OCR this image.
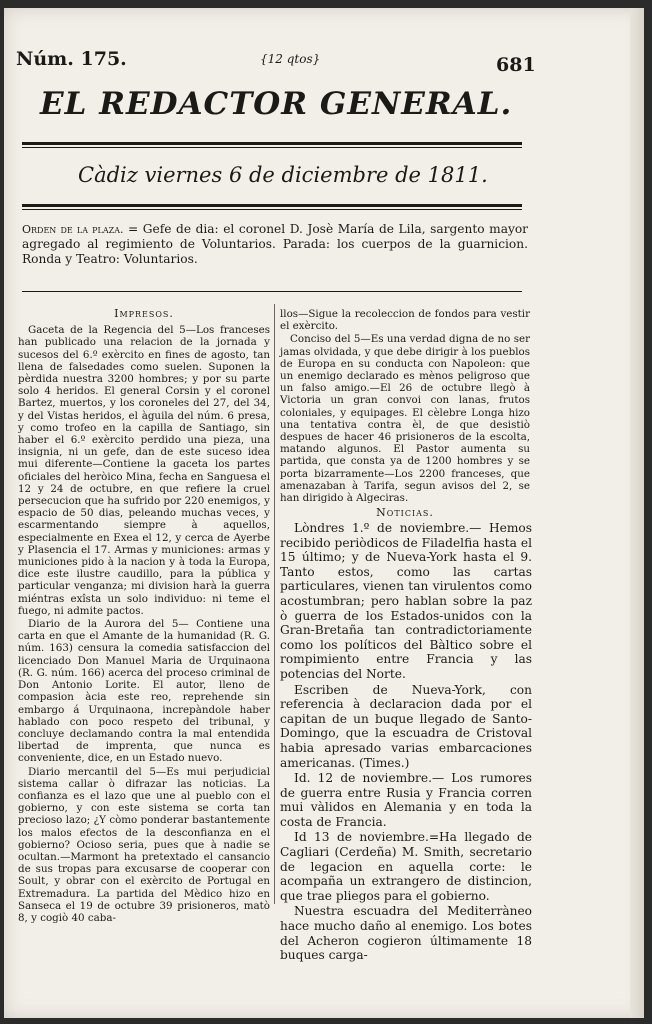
Núm. 175.	{12 qtos}	681
EL REDACTOR GENERAL.
Càdiz viernes 6 de diciembre de 1811.
Orden de la plaza. = Gefe de dia: el coronel D. Josè María de Lila, sargento mayor agregado al regimiento de Voluntarios. Parada: los cuerpos de la guarnicion. Ronda y Teatro: Voluntarios.
Impresos.

Gaceta de la Regencia del 5—Los franceses han publicado una relacion de la jornada y sucesos del 6.º exèrcito en fines de agosto, tan llena de falsedades como suelen. Suponen la pèrdida nuestra 3200 hombres; y por su parte solo 4 heridos. El general Corsin y el coronel Bartez, muertos, y los coroneles del 27, del 34, y del Vistas heridos, el àguila del núm. 6 presa, y como trofeo en la capilla de Santiago, sin haber el 6.º exèrcito perdido una pieza, una insignia, ni un gefe, dan de este suceso idea mui diferente—Contiene la gaceta los partes oficiales del heròico Mina, fecha en Sanguesa el 12 y 24 de octubre, en que refiere la cruel persecucion que ha sufrido por 220 enemigos, y espacio de 50 dias, peleando muchas veces, y escarmentando siempre à aquellos, especialmente en Exea el 12, y cerca de Ayerbe y Plasencia el 17. Armas y municiones: armas y municiones pido à la nacion y à toda la Europa, dice este ilustre caudillo, para la pública y particular venganza; mi division harà la guerra miéntras exîsta un solo individuo: ni teme el fuego, ni admite pactos.

Diario de la Aurora del 5— Contiene una carta en que el Amante de la humanidad (R. G. núm. 163) censura la comedia satisfaccion del licenciado Don Manuel Maria de Urquinaona (R. G. núm. 166) acerca del proceso criminal de Don Antonio Lorite. El autor, lleno de compasion àcia este reo, reprehende sin embargo á Urquinaona, increpàndole haber hablado con poco respeto del tribunal, y concluye declamando contra la mal entendida libertad de imprenta, que nunca es conveniente, dice, en un Estado nuevo.

Diario mercantil del 5—Es mui perjudicial sistema callar ò difrazar las noticias. La confianza es el lazo que une al pueblo con el gobierno, y con este sistema se corta tan precioso lazo; ¿Y còmo ponderar bastantemente los malos efectos de la desconfianza en el gobierno? Ocioso seria, pues que à nadie se ocultan.—Marmont ha pretextado el cansancio de sus tropas para excusarse de cooperar con Soult, y obrar con el exèrcito de Portugal en Extremadura. La partida del Mèdico hizo en Sanseca el 19 de octubre 39 prisioneros, matò 8, y cogiò 40 caba-

llos—Sigue la recoleccion de fondos para vestir el exèrcito.

Conciso del 5—Es una verdad digna de no ser jamas olvidada, y que debe dirigir à los pueblos de Europa en su conducta con Napoleon: que un enemigo declarado es mènos peligroso que un falso amigo.—El 26 de octubre llegò à Victoria un gran convoi con lanas, frutos coloniales, y equipages. El cèlebre Longa hizo una tentativa contra èl, de que desistiò despues de hacer 46 prisioneros de la escolta, matando algunos. El Pastor aumenta su partida, que consta ya de 1200 hombres y se porta bizarramente—Los 2200 franceses, que amenazaban à Tarifa, segun avisos del 2, se han dirigido à Algeciras.

Noticias.

Lòndres 1.º de noviembre.— Hemos recibido periòdicos de Filadelfia hasta el 15 último; y de Nueva-York hasta el 9. Tanto estos, como las cartas particulares, vienen tan virulentos como acostumbran; pero hablan sobre la paz ò guerra de los Estados-unidos con la Gran-Bretaña tan contradictoriamente como los políticos del Bàltico sobre el rompimiento entre Francia y las potencias del Norte.

Escriben de Nueva-York, con referencia à declaracion dada por el capitan de un buque llegado de Santo-Domingo, que la escuadra de Cristoval habia apresado varias embarcaciones americanas. (Times.)

Id. 12 de noviembre.— Los rumores de guerra entre Rusia y Francia corren mui vàlidos en Alemania y en toda la costa de Francia.

Id 13 de noviembre.=Ha llegado de Cagliari (Cerdeña) M. Smith, secretario de legacion en aquella corte: le acompaña un extrangero de distincion, que trae pliegos para el gobierno.

Nuestra escuadra del Mediterràneo hace mucho daño al enemigo. Los botes del Acheron cogieron últimamente 18 buques carga-
